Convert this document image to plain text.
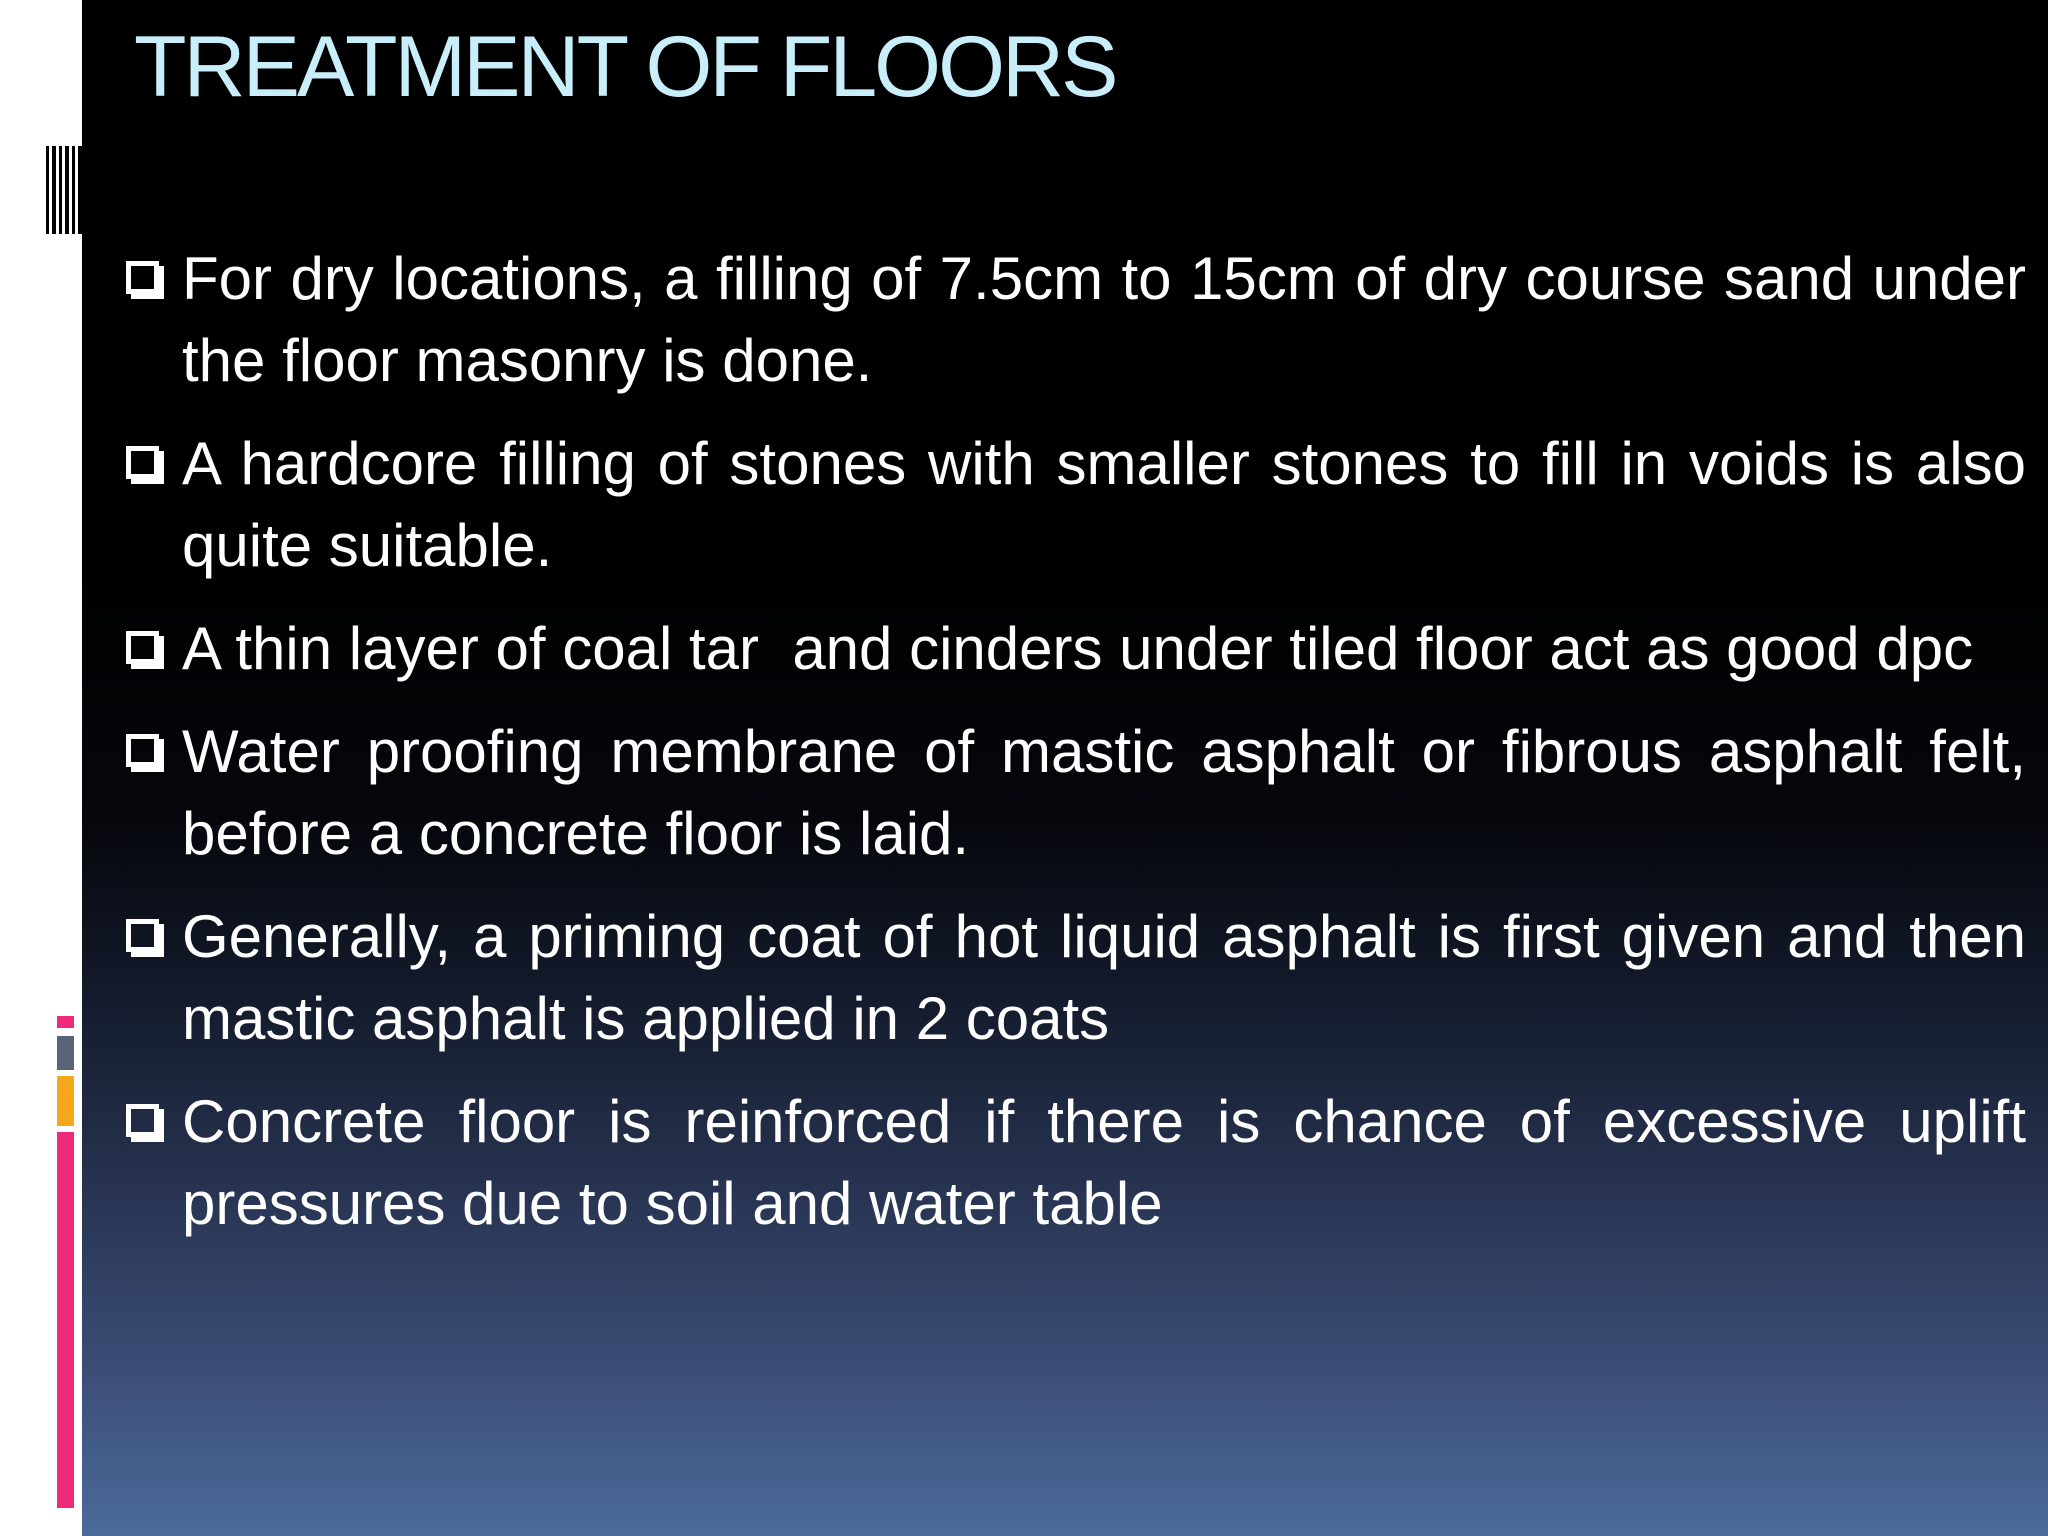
TREATMENT OF FLOORS
For dry locations, a filling of 7.5cm to 15cm of dry course sand under the floor masonry is done.
A hardcore filling of stones with smaller stones to fill in voids is also quite suitable.
A thin layer of coal tar  and cinders under tiled floor act as good dpc
Water proofing membrane of mastic asphalt or fibrous asphalt felt, before a concrete floor is laid.
Generally, a priming coat of hot liquid asphalt is first given and then mastic asphalt is applied in 2 coats
Concrete floor is reinforced if there is chance of excessive uplift pressures due to soil and water table
